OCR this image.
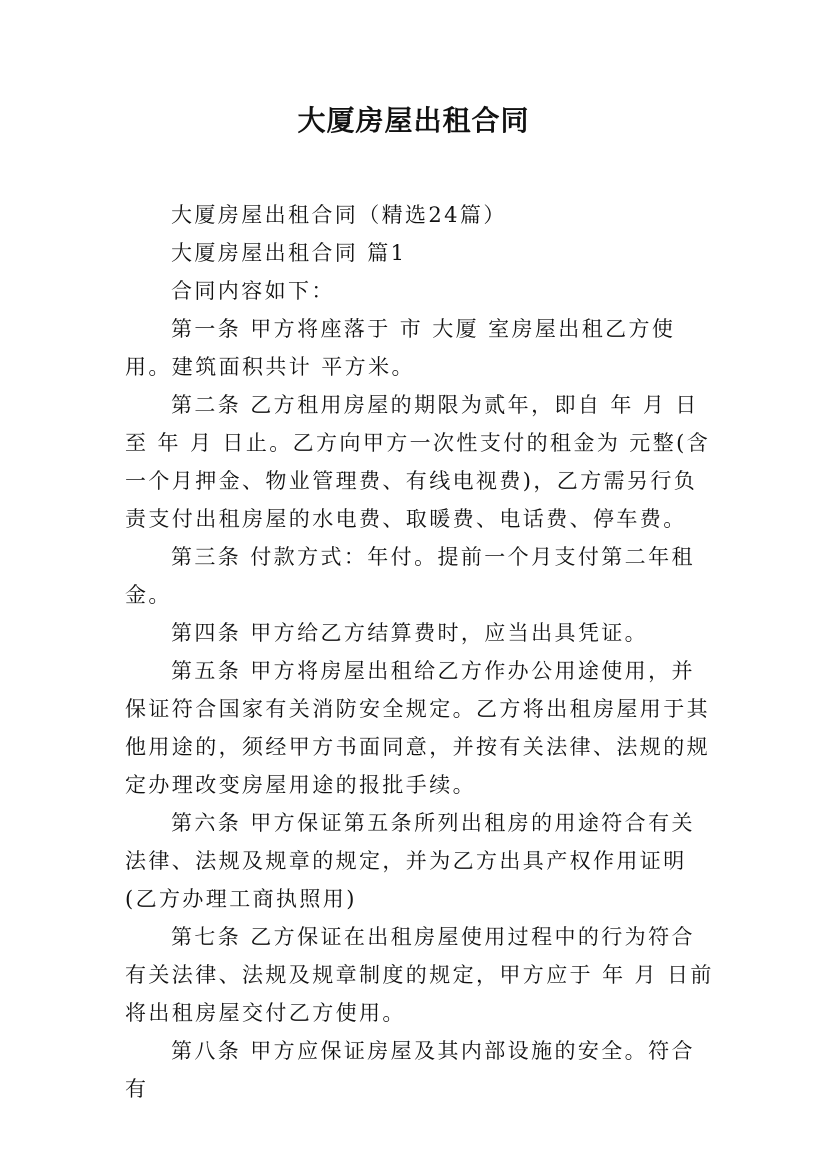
大厦房屋出租合同

大厦房屋出租合同（精选24篇）

大厦房屋出租合同 篇1

合同内容如下：

第一条 甲方将座落于 市 大厦 室房屋出租乙方使用。建筑面积共计 平方米。

第二条 乙方租用房屋的期限为贰年，即自 年 月 日至 年 月 日止。乙方向甲方一次性支付的租金为 元整(含一个月押金、物业管理费、有线电视费)，乙方需另行负责支付出租房屋的水电费、取暖费、电话费、停车费。

第三条 付款方式：年付。提前一个月支付第二年租金。

第四条 甲方给乙方结算费时，应当出具凭证。

第五条 甲方将房屋出租给乙方作办公用途使用，并保证符合国家有关消防安全规定。乙方将出租房屋用于其他用途的，须经甲方书面同意，并按有关法律、法规的规定办理改变房屋用途的报批手续。

第六条 甲方保证第五条所列出租房的用途符合有关法律、法规及规章的规定，并为乙方出具产权作用证明(乙方办理工商执照用)

第七条 乙方保证在出租房屋使用过程中的行为符合有关法律、法规及规章制度的规定，甲方应于 年 月 日前将出租房屋交付乙方使用。

第八条 甲方应保证房屋及其内部设施的安全。符合有
